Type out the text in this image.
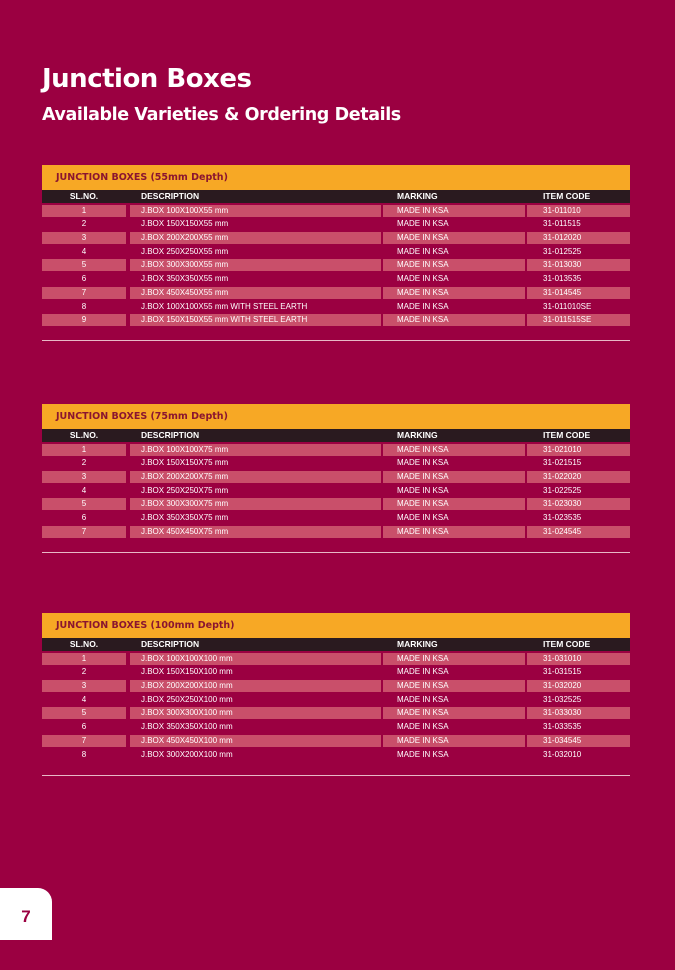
Junction Boxes
Available Varieties & Ordering Details
JUNCTION BOXES (55mm Depth)
SL.NO.	DESCRIPTION	MARKING	ITEM CODE
1	J.BOX 100X100X55 mm	MADE IN KSA	31-011010
2	J.BOX 150X150X55 mm	MADE IN KSA	31-011515
3	J.BOX 200X200X55 mm	MADE IN KSA	31-012020
4	J.BOX 250X250X55 mm	MADE IN KSA	31-012525
5	J.BOX 300X300X55 mm	MADE IN KSA	31-013030
6	J.BOX 350X350X55 mm	MADE IN KSA	31-013535
7	J.BOX 450X450X55 mm	MADE IN KSA	31-014545
8	J.BOX 100X100X55 mm WITH STEEL EARTH	MADE IN KSA	31-011010SE
9	J.BOX 150X150X55 mm WITH STEEL EARTH	MADE IN KSA	31-011515SE
JUNCTION BOXES (75mm Depth)
SL.NO.	DESCRIPTION	MARKING	ITEM CODE
1	J.BOX 100X100X75 mm	MADE IN KSA	31-021010
2	J.BOX 150X150X75 mm	MADE IN KSA	31-021515
3	J.BOX 200X200X75 mm	MADE IN KSA	31-022020
4	J.BOX 250X250X75 mm	MADE IN KSA	31-022525
5	J.BOX 300X300X75 mm	MADE IN KSA	31-023030
6	J.BOX 350X350X75 mm	MADE IN KSA	31-023535
7	J.BOX 450X450X75 mm	MADE IN KSA	31-024545
JUNCTION BOXES (100mm Depth)
SL.NO.	DESCRIPTION	MARKING	ITEM CODE
1	J.BOX 100X100X100 mm	MADE IN KSA	31-031010
2	J.BOX 150X150X100 mm	MADE IN KSA	31-031515
3	J.BOX 200X200X100 mm	MADE IN KSA	31-032020
4	J.BOX 250X250X100 mm	MADE IN KSA	31-032525
5	J.BOX 300X300X100 mm	MADE IN KSA	31-033030
6	J.BOX 350X350X100 mm	MADE IN KSA	31-033535
7	J.BOX 450X450X100 mm	MADE IN KSA	31-034545
8	J.BOX 300X200X100 mm	MADE IN KSA	31-032010
7
